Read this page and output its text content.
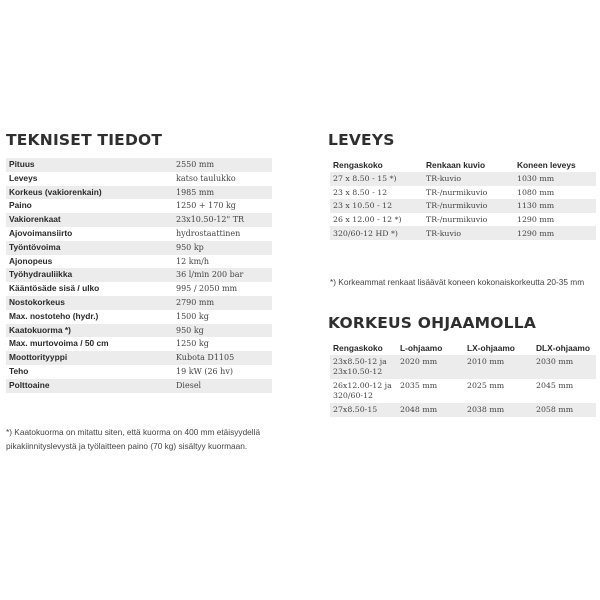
TEKNISET TIEDOT
Pituus	2550 mm
Leveys	katso taulukko
Korkeus (vakiorenkain)	1985 mm
Paino	1250 + 170 kg
Vakiorenkaat	23x10.50-12" TR
Ajovoimansiirto	hydrostaattinen
Työntövoima	950 kp
Ajonopeus	12 km/h
Työhydrauliikka	36 l/min 200 bar
Kääntösäde sisä / ulko	995 / 2050 mm
Nostokorkeus	2790 mm
Max. nostoteho (hydr.)	1500 kg
Kaatokuorma *)	950 kg
Max. murtovoima / 50 cm	1250 kg
Moottorityyppi	Kubota D1105
Teho	19 kW (26 hv)
Polttoaine	Diesel

*) Kaatokuorma on mitattu siten, että kuorma on 400 mm etäisyydellä pikakiinnityslevystä ja työlaitteen paino (70 kg) sisältyy kuormaan.

LEVEYS
Rengaskoko	Renkaan kuvio	Koneen leveys
27 x 8.50 - 15 *)	TR-kuvio	1030 mm
23 x 8.50 - 12	TR-/nurmikuvio	1080 mm
23 x 10.50 - 12	TR-/nurmikuvio	1130 mm
26 x 12.00 - 12 *)	TR-/nurmikuvio	1290 mm
320/60-12 HD *)	TR-kuvio	1290 mm

*) Korkeammat renkaat lisäävät koneen kokonaiskorkeutta 20-35 mm

KORKEUS OHJAAMOLLA
Rengaskoko	L-ohjaamo	LX-ohjaamo	DLX-ohjaamo
23x8.50-12 ja 23x10.50-12	2020 mm	2010 mm	2030 mm
26x12.00-12 ja 320/60-12	2035 mm	2025 mm	2045 mm
27x8.50-15	2048 mm	2038 mm	2058 mm
